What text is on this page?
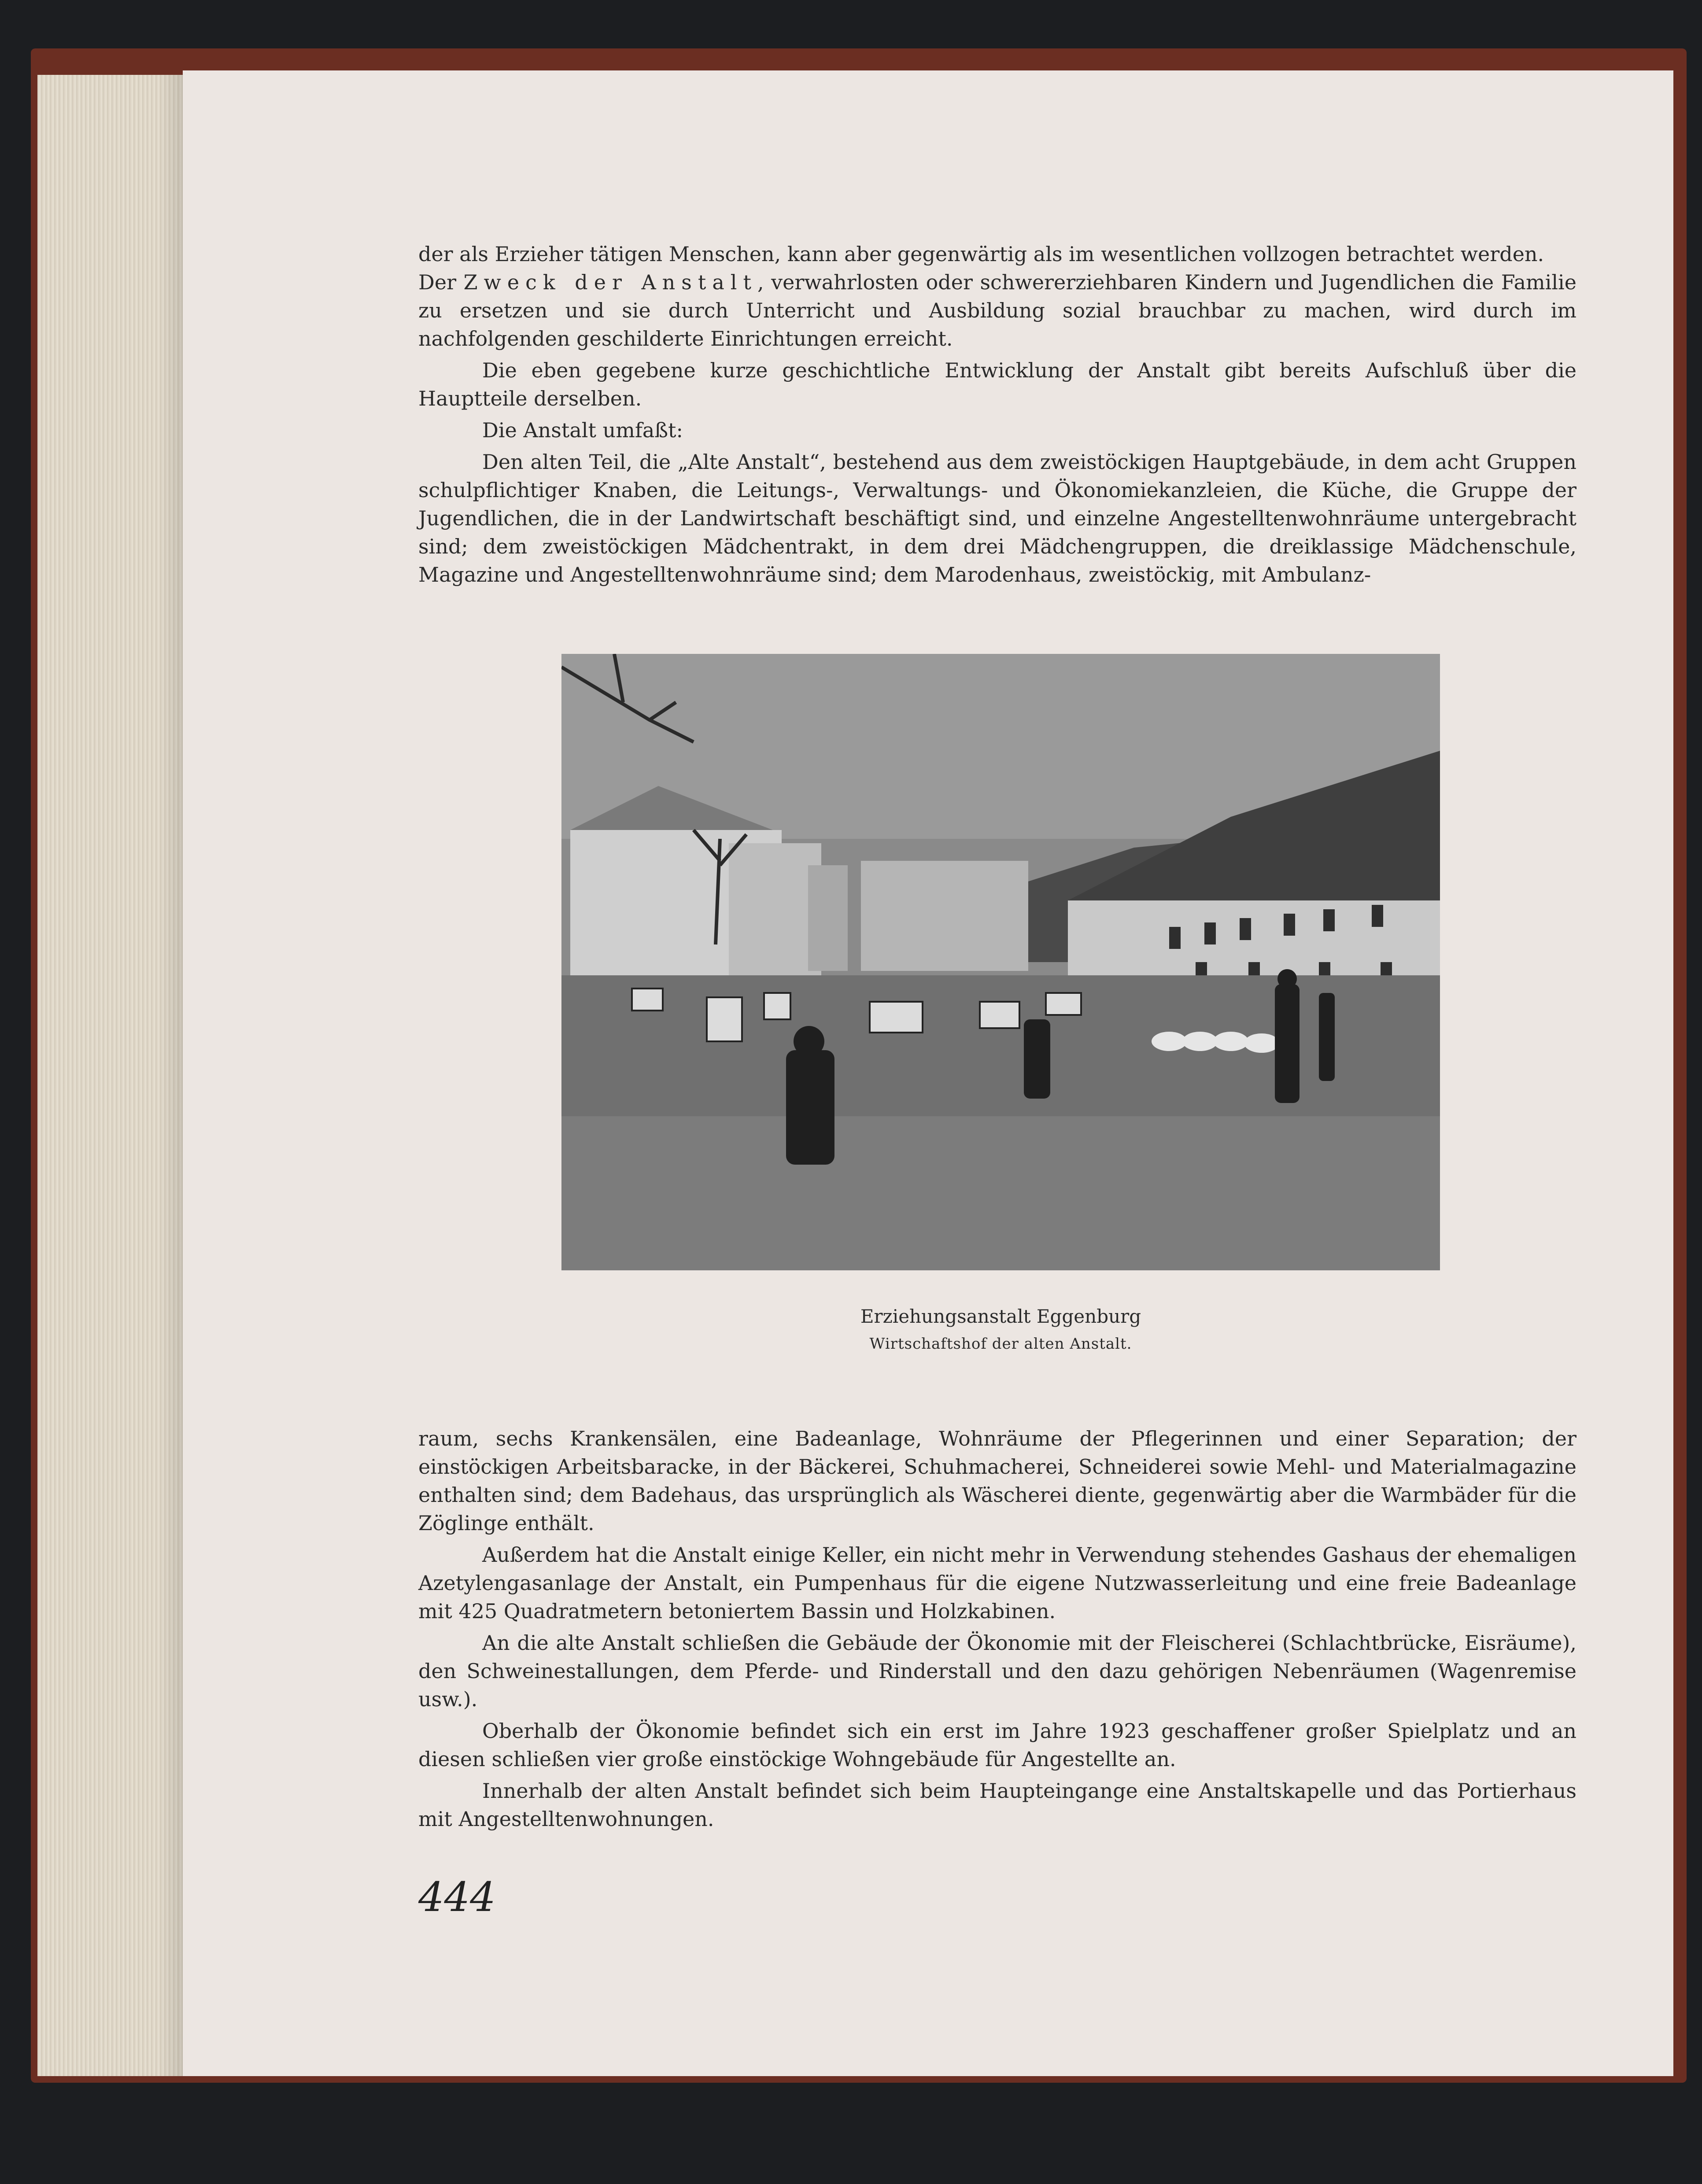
der als Erzieher tätigen Menschen, kann aber gegenwärtig als im wesentlichen vollzogen betrachtet werden.

Der Zweck der Anstalt, verwahrlosten oder schwererziehbaren Kindern und Jugendlichen die Familie zu ersetzen und sie durch Unterricht und Ausbildung sozial brauchbar zu machen, wird durch im nachfolgenden geschilderte Einrichtungen erreicht.

Die eben gegebene kurze geschichtliche Entwicklung der Anstalt gibt bereits Aufschluß über die Hauptteile derselben.

Die Anstalt umfaßt:

Den alten Teil, die „Alte Anstalt“, bestehend aus dem zweistöckigen Hauptgebäude, in dem acht Gruppen schulpflichtiger Knaben, die Leitungs-, Verwaltungs- und Ökonomiekanzleien, die Küche, die Gruppe der Jugendlichen, die in der Landwirtschaft beschäftigt sind, und einzelne Angestelltenwohnräume untergebracht sind; dem zweistöckigen Mädchentrakt, in dem drei Mädchengruppen, die dreiklassige Mädchenschule, Magazine und Angestelltenwohnräume sind; dem Marodenhaus, zweistöckig, mit Ambulanz-

Erziehungsanstalt Eggenburg
Wirtschaftshof der alten Anstalt.

raum, sechs Krankensälen, eine Badeanlage, Wohnräume der Pflegerinnen und einer Separation; der einstöckigen Arbeitsbaracke, in der Bäckerei, Schuhmacherei, Schneiderei sowie Mehl- und Materialmagazine enthalten sind; dem Badehaus, das ursprünglich als Wäscherei diente, gegenwärtig aber die Warmbäder für die Zöglinge enthält.

Außerdem hat die Anstalt einige Keller, ein nicht mehr in Verwendung stehendes Gashaus der ehemaligen Azetylengasanlage der Anstalt, ein Pumpenhaus für die eigene Nutzwasserleitung und eine freie Badeanlage mit 425 Quadratmetern betoniertem Bassin und Holzkabinen.

An die alte Anstalt schließen die Gebäude der Ökonomie mit der Fleischerei (Schlachtbrücke, Eisräume), den Schweinestallungen, dem Pferde- und Rinderstall und den dazu gehörigen Nebenräumen (Wagenremise usw.).

Oberhalb der Ökonomie befindet sich ein erst im Jahre 1923 geschaffener großer Spielplatz und an diesen schließen vier große einstöckige Wohngebäude für Angestellte an.

Innerhalb der alten Anstalt befindet sich beim Haupteingange eine Anstaltskapelle und das Portierhaus mit Angestelltenwohnungen.

444
